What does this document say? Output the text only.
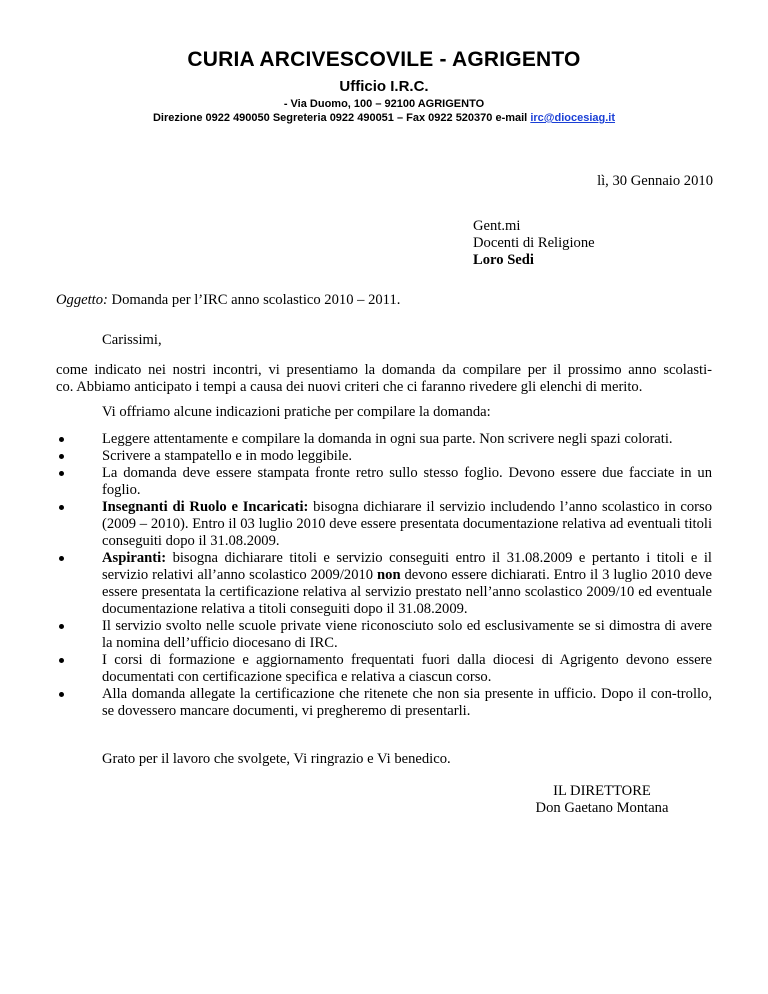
CURIA ARCIVESCOVILE - AGRIGENTO
Ufficio I.R.C.
- Via Duomo, 100 – 92100 AGRIGENTO
Direzione 0922 490050 Segreteria 0922 490051 – Fax 0922 520370 e-mail irc@diocesiag.it
lì, 30 Gennaio 2010
Gent.mi
Docenti di Religione
Loro Sedi
Oggetto: Domanda per l’IRC anno scolastico 2010 – 2011.
Carissimi,
come indicato nei nostri incontri, vi presentiamo la domanda da compilare per il prossimo anno scolasti-
co. Abbiamo anticipato i tempi a causa dei nuovi criteri che ci faranno rivedere gli elenchi di merito.
Vi offriamo alcune indicazioni pratiche per compilare la domanda:
Leggere attentamente e compilare la domanda in ogni sua parte. Non scrivere negli spazi colorati.
Scrivere a stampatello e in modo leggibile.
La domanda deve essere stampata fronte retro sullo stesso foglio. Devono essere due facciate in un foglio.
Insegnanti di Ruolo e Incaricati: bisogna dichiarare il servizio includendo l’anno scolastico in corso (2009 – 2010). Entro il 03 luglio 2010 deve essere presentata documentazione relativa ad eventuali titoli conseguiti dopo il 31.08.2009.
Aspiranti: bisogna dichiarare titoli e servizio conseguiti entro il 31.08.2009 e pertanto i titoli e il servizio relativi all’anno scolastico 2009/2010 non devono essere dichiarati. Entro il 3 luglio 2010 deve essere presentata la certificazione relativa al servizio prestato nell’anno scolastico 2009/10 ed eventuale documentazione relativa a titoli conseguiti dopo il 31.08.2009.
Il servizio svolto nelle scuole private viene riconosciuto solo ed esclusivamente se si dimostra di avere la nomina dell’ufficio diocesano di IRC.
I corsi di formazione e aggiornamento frequentati fuori dalla diocesi di Agrigento devono essere documentati con certificazione specifica e relativa a ciascun corso.
Alla domanda allegate la certificazione che ritenete che non sia presente in ufficio. Dopo il con-trollo, se dovessero mancare documenti, vi pregheremo di presentarli.
Grato per il lavoro che svolgete, Vi ringrazio e Vi benedico.
IL DIRETTORE
Don Gaetano Montana
